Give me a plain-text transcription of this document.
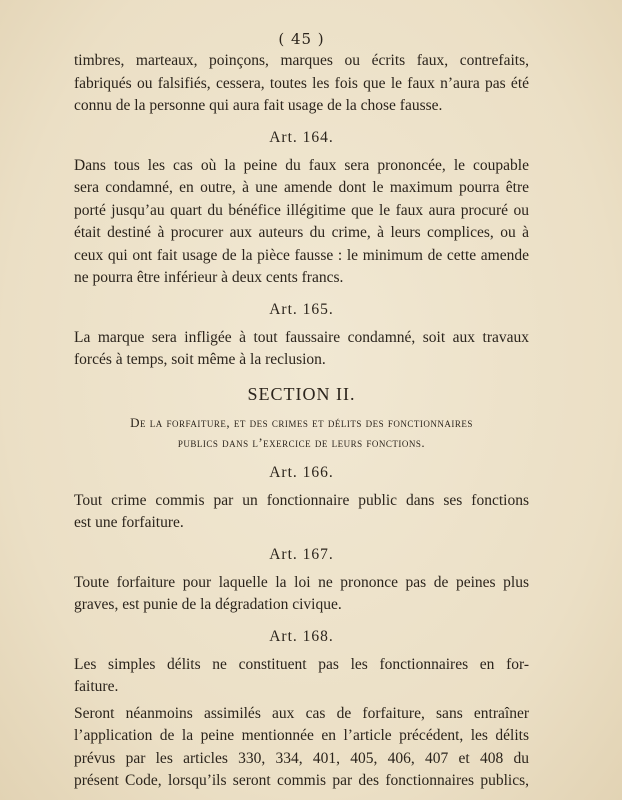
( 45 )

timbres, marteaux, poinçons, marques ou écrits faux, contrefaits,
fabriqués ou falsifiés, cessera, toutes les fois que le faux n’aura pas été
connu de la personne qui aura fait usage de la chose fausse.

Art. 164.

Dans tous les cas où la peine du faux sera prononcée, le coupable
sera condamné, en outre, à une amende dont le maximum pourra être
porté jusqu’au quart du bénéfice illégitime que le faux aura procuré ou
était destiné à procurer aux auteurs du crime, à leurs complices, ou à
ceux qui ont fait usage de la pièce fausse : le minimum de cette amende
ne pourra être inférieur à deux cents francs.

Art. 165.

La marque sera infligée à tout faussaire condamné, soit aux travaux
forcés à temps, soit même à la reclusion.

SECTION II.
De la forfaiture, et des crimes et délits des fonctionnaires
publics dans l’exercice de leurs fonctions.
Art. 166.

Tout crime commis par un fonctionnaire public dans ses fonctions
est une forfaiture.

Art. 167.

Toute forfaiture pour laquelle la loi ne prononce pas de peines plus
graves, est punie de la dégradation civique.

Art. 168.

Les simples délits ne constituent pas les fonctionnaires en for-
faiture.

Seront néanmoins assimilés aux cas de forfaiture, sans entraîner
l’application de la peine mentionnée en l’article précédent, les délits
prévus par les articles 330, 334, 401, 405, 406, 407 et 408 du
présent Code, lorsqu’ils seront commis par des fonctionnaires publics,
